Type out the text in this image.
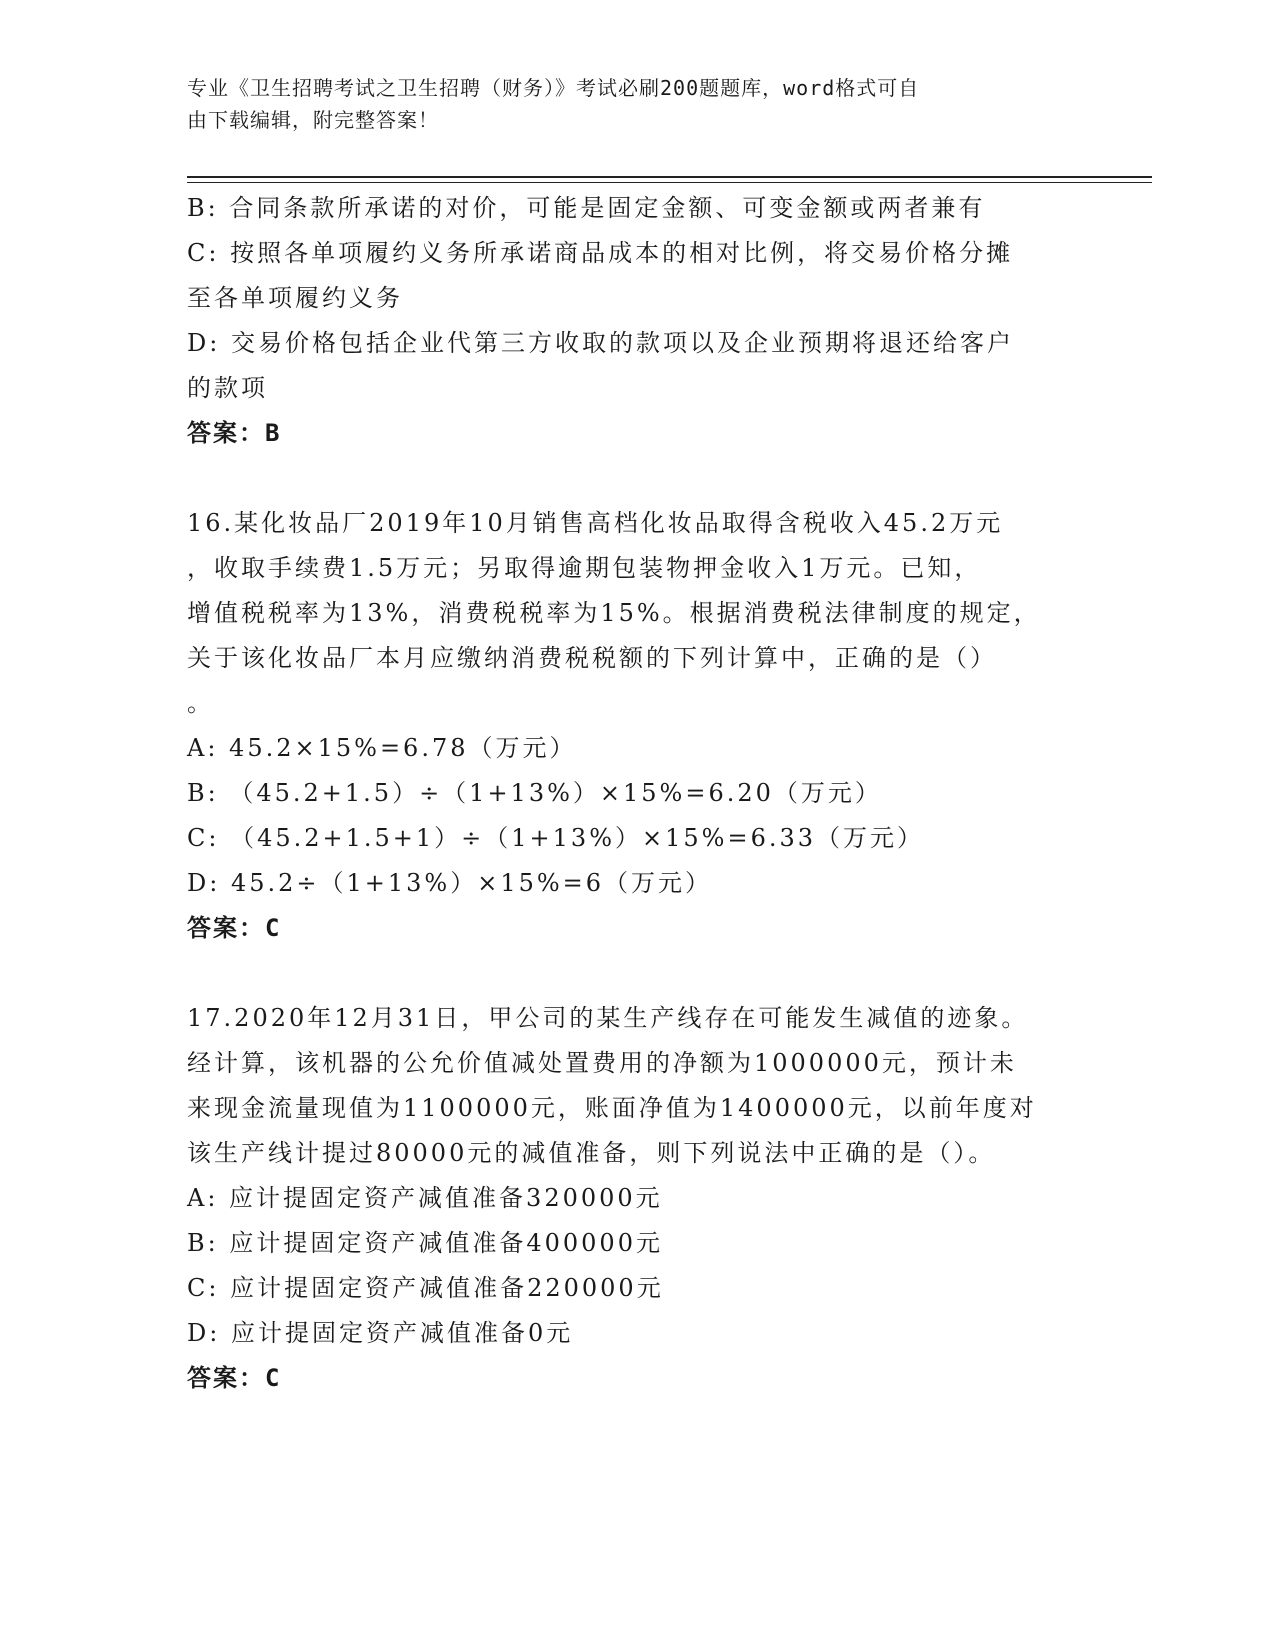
专业《卫生招聘考试之卫生招聘（财务）》考试必刷200题题库，word格式可自
由下载编辑，附完整答案！

B: 合同条款所承诺的对价，可能是固定金额、可变金额或两者兼有

C: 按照各单项履约义务所承诺商品成本的相对比例，将交易价格分摊

至各单项履约义务

D: 交易价格包括企业代第三方收取的款项以及企业预期将退还给客户

的款项

答案：B

16.某化妆品厂2019年10月销售高档化妆品取得含税收入45.2万元

，收取手续费1.5万元；另取得逾期包装物押金收入1万元。已知，

增值税税率为13%，消费税税率为15%。根据消费税法律制度的规定，

关于该化妆品厂本月应缴纳消费税税额的下列计算中，正确的是（）

。

A: 45.2×15%=6.78（万元）

B: （45.2+1.5）÷（1+13%）×15%=6.20（万元）

C: （45.2+1.5+1）÷（1+13%）×15%=6.33（万元）

D: 45.2÷（1+13%）×15%=6（万元）

答案：C

17.2020年12月31日，甲公司的某生产线存在可能发生减值的迹象。

经计算，该机器的公允价值减处置费用的净额为1000000元，预计未

来现金流量现值为1100000元，账面净值为1400000元，以前年度对

该生产线计提过80000元的减值准备，则下列说法中正确的是（）。

A: 应计提固定资产减值准备320000元

B: 应计提固定资产减值准备400000元

C: 应计提固定资产减值准备220000元

D: 应计提固定资产减值准备0元

答案：C
